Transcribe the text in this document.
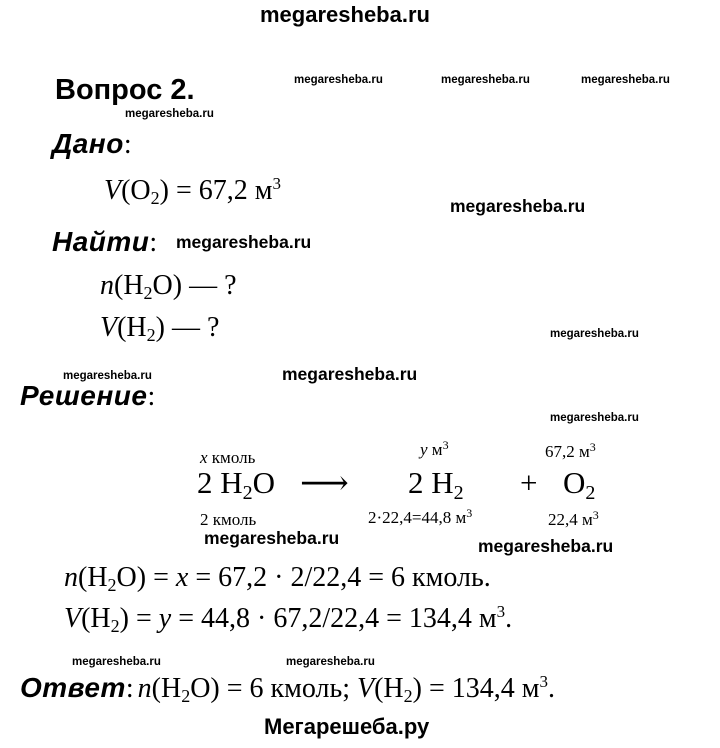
megaresheba.ru
megaresheba.ru	megaresheba.ru	megaresheba.ru
megaresheba.ru
megaresheba.ru
megaresheba.ru
megaresheba.ru
megaresheba.ru	megaresheba.ru
megaresheba.ru
megaresheba.ru	megaresheba.ru
megaresheba.ru	megaresheba.ru
Мегарешеба.ру
Вопрос 2.
Дано:
$V(O_2) = 67,2$ $м^3$
Найти:
$n(H_2O)$ — ?
$V(H_2)$ — ?
Решение:
x кмоль	y $м^3$	67,2 $м^3$
2 $H_2O$ ⟶ 2 $H_2 + O_2$
2 кмоль	2·22,4=44,8 $м^3$	22,4 $м^3$
$n(H_2O) = x = 67,2 \cdot 2/22,4 = 6$ кмоль.
$V(H_2) = y = 44,8 \cdot 67,2/22,4 = 134,4$ $м^3$.
Ответ: $n(H_2O) = 6$ кмоль; $V(H_2) = 134,4$ $м^3$.
